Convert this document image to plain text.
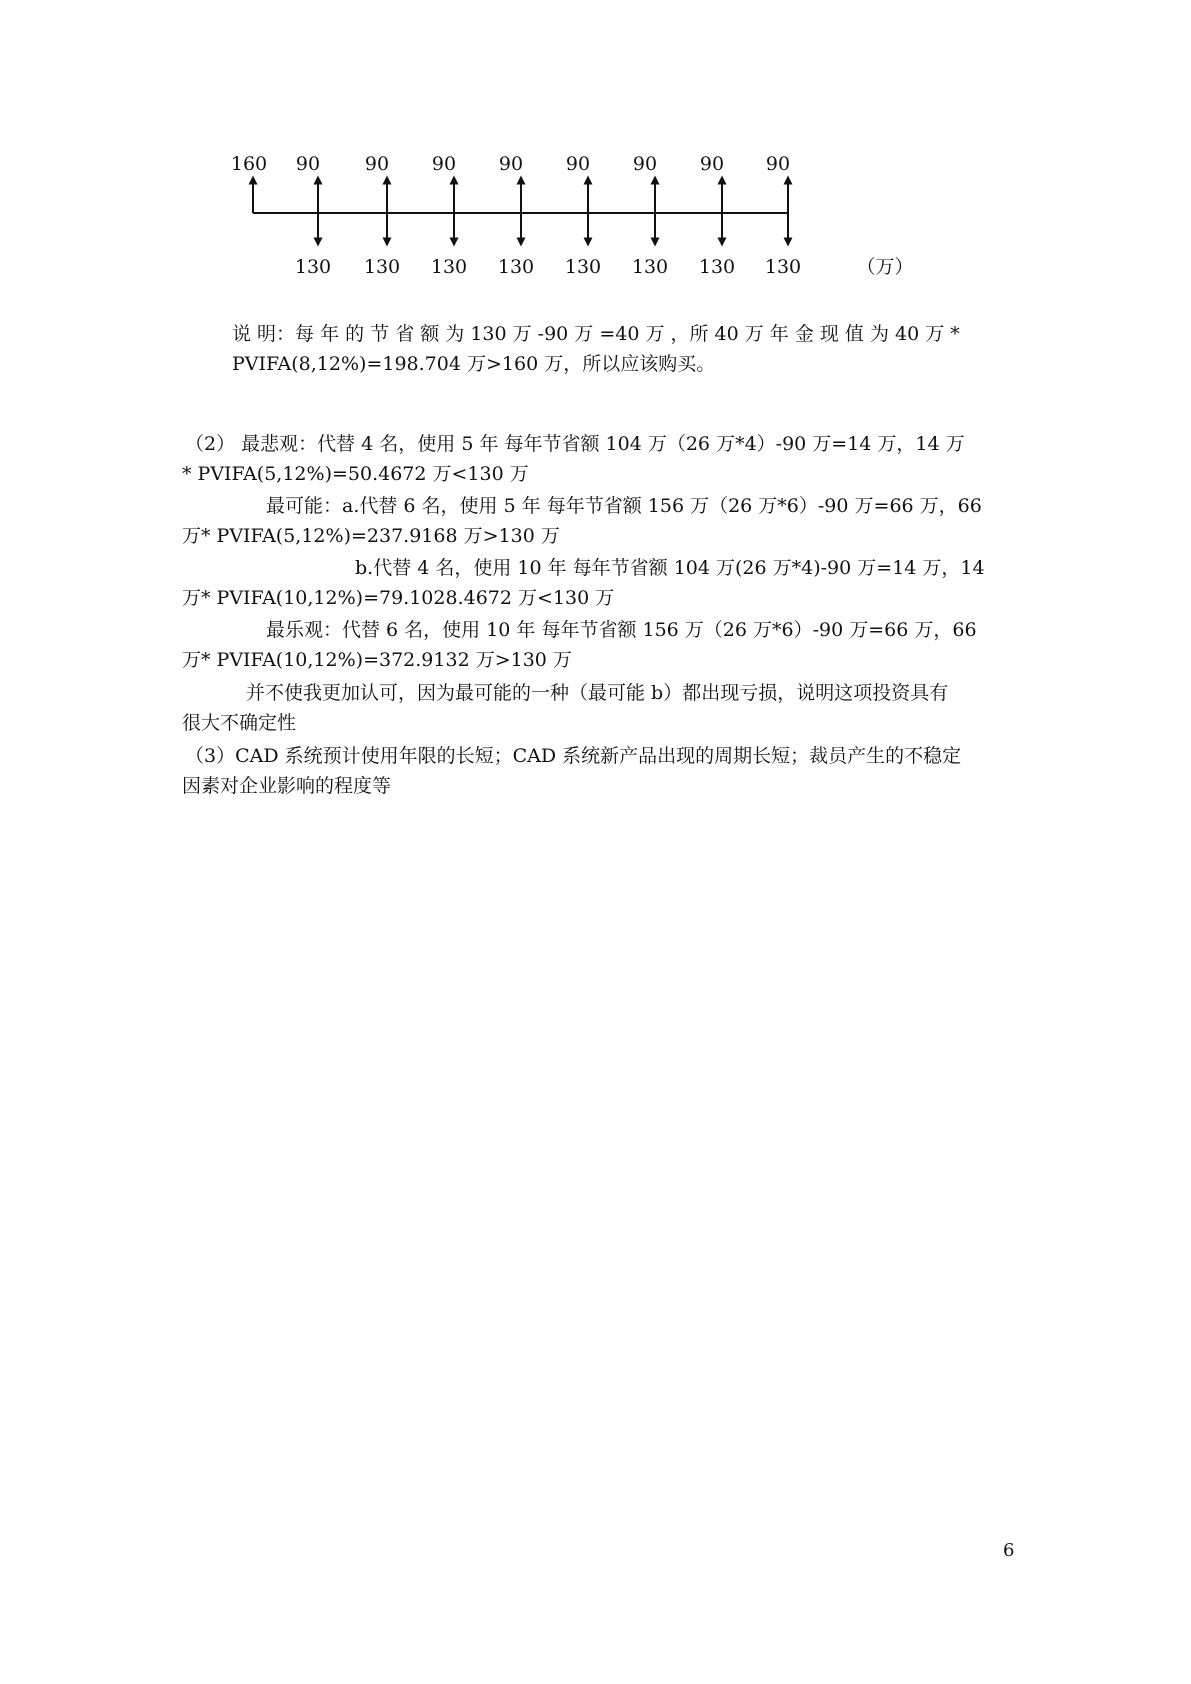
160 90
130
90
130
90
130
90
130
90
130
90
130
90
130
90
130	（万）
说 明：每 年 的 节 省 额 为 130 万 -90 万 =40 万 ，所 40 万 年 金 现 值 为 40 万 *
PVIFA(8,12%)=198.704 万>160 万，所以应该购买。
（2） 最悲观：代替 4 名，使用 5 年 每年节省额 104 万（26 万*4）-90 万=14 万，14 万
* PVIFA(5,12%)=50.4672 万<130 万
最可能：a.代替 6 名，使用 5 年 每年节省额 156 万（26 万*6）-90 万=66 万，66
万* PVIFA(5,12%)=237.9168 万>130 万
b.代替 4 名，使用 10 年 每年节省额 104 万(26 万*4)-90 万=14 万，14
万* PVIFA(10,12%)=79.1028.4672 万<130 万
最乐观：代替 6 名，使用 10 年 每年节省额 156 万（26 万*6）-90 万=66 万，66
万* PVIFA(10,12%)=372.9132 万>130 万
并不使我更加认可，因为最可能的一种（最可能 b）都出现亏损，说明这项投资具有
很大不确定性
（3）CAD 系统预计使用年限的长短；CAD 系统新产品出现的周期长短；裁员产生的不稳定
因素对企业影响的程度等
6
